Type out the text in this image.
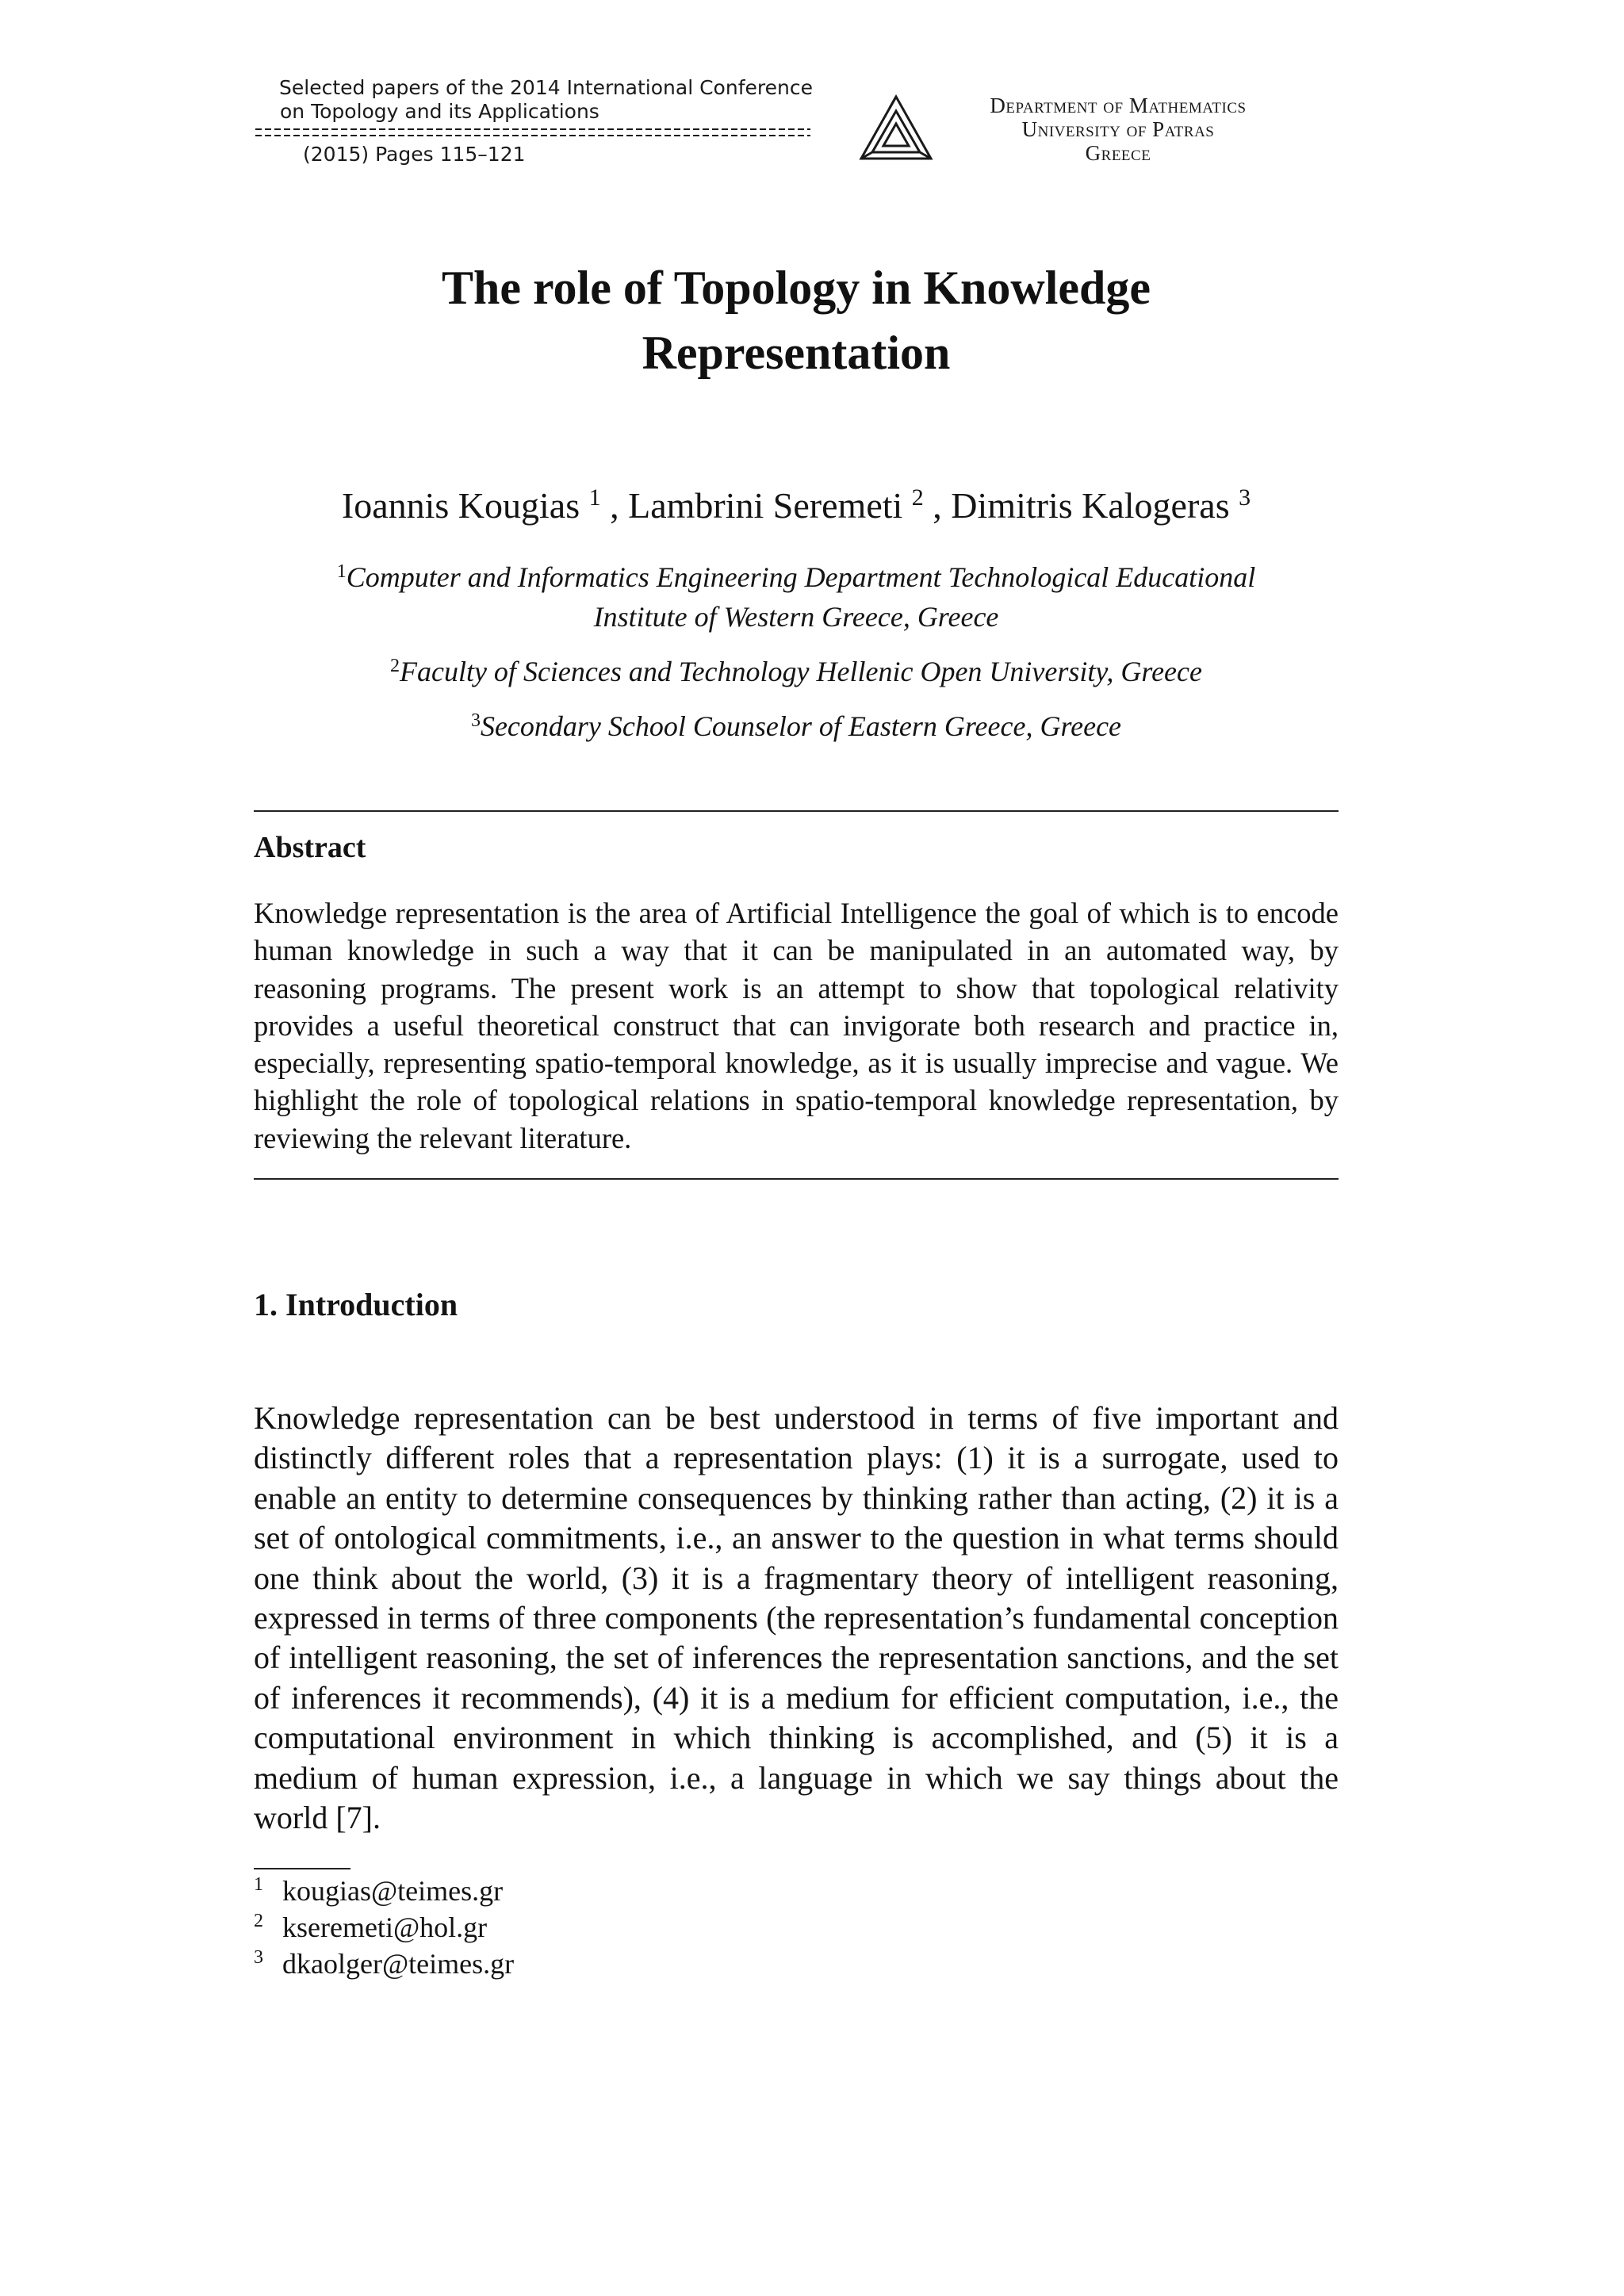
Selected papers of the 2014 International Conference
on Topology and its Applications
(2015) Pages 115–121
Department of Mathematics
University of Patras
Greece
The role of Topology in Knowledge
Representation
Ioannis Kougias $^1$ , Lambrini Seremeti $^2$ , Dimitris Kalogeras $^3$
$^1$Computer and Informatics Engineering Department Technological Educational
Institute of Western Greece, Greece
$^2$Faculty of Sciences and Technology Hellenic Open University, Greece
$^3$Secondary School Counselor of Eastern Greece, Greece
Abstract
Knowledge representation is the area of Artificial Intelligence the goal of which is to encode human knowledge in such a way that it can be manipulated in an automated way, by reasoning programs. The present work is an attempt to show that topological relativity provides a useful theoretical construct that can invigorate both research and practice in, especially, representing spatio-temporal knowledge, as it is usually imprecise and vague. We highlight the role of topological relations in spatio-temporal knowledge representation, by reviewing the relevant literature.
1. Introduction
Knowledge representation can be best understood in terms of five important and distinctly different roles that a representation plays: (1) it is a surrogate, used to enable an entity to determine consequences by thinking rather than acting, (2) it is a set of ontological commitments, i.e., an answer to the question in what terms should one think about the world, (3) it is a fragmentary theory of intelligent reasoning, expressed in terms of three components (the representation’s fundamental conception of intelligent reasoning, the set of inferences the representation sanctions, and the set of inferences it recommends), (4) it is a medium for efficient computation, i.e., the computational environment in which thinking is accomplished, and (5) it is a medium of human expression, i.e., a language in which we say things about the world [7].
1 kougias@teimes.gr
2 kseremeti@hol.gr
3 dkaolger@teimes.gr
